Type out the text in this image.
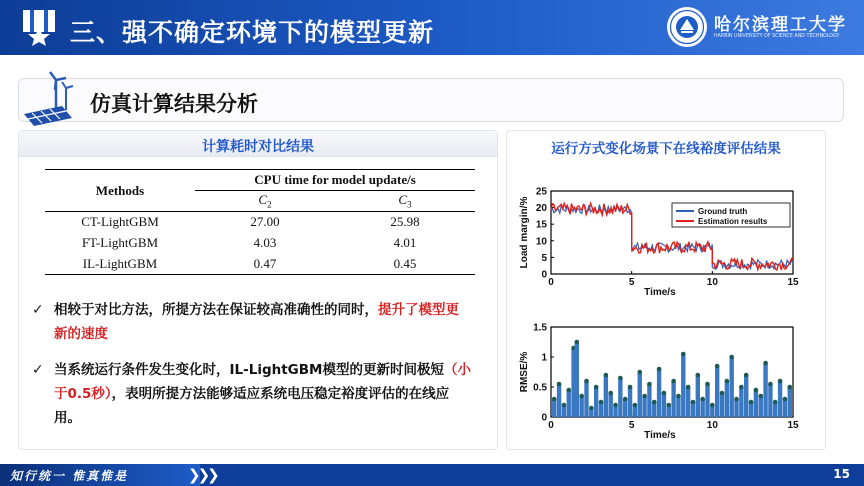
三、强不确定环境下的模型更新	哈尔滨理工大学
HARBIN UNIVERSITY OF SCIENCE AND TECHNOLOGY
仿真计算结果分析
计算耗时对比结果
Methods	CPU time for model update/s	
	$C_2$	$C_3$
CT-LightGBM	27.00	25.98
FT-LightGBM	4.03	4.01
IL-LightGBM	0.47	0.45
✓ 相较于对比方法，所提方法在保证较高准确性的同时，提升了模型更新的速度
✓ 当系统运行条件发生变化时，IL-LightGBM模型的更新时间极短（小于0.5秒），表明所提方法能够适应系统电压稳定裕度评估的在线应用。
运行方式变化场景下在线裕度评估结果
0	5	10	15
0
5
10
15
20
25
Time/s
Load margin/%	Ground truth
Estimation results
0	5	10	15
0
0.5
1
1.5
Time/s
RMSE/%
知行统一 惟真惟是	❯❯❯	15
